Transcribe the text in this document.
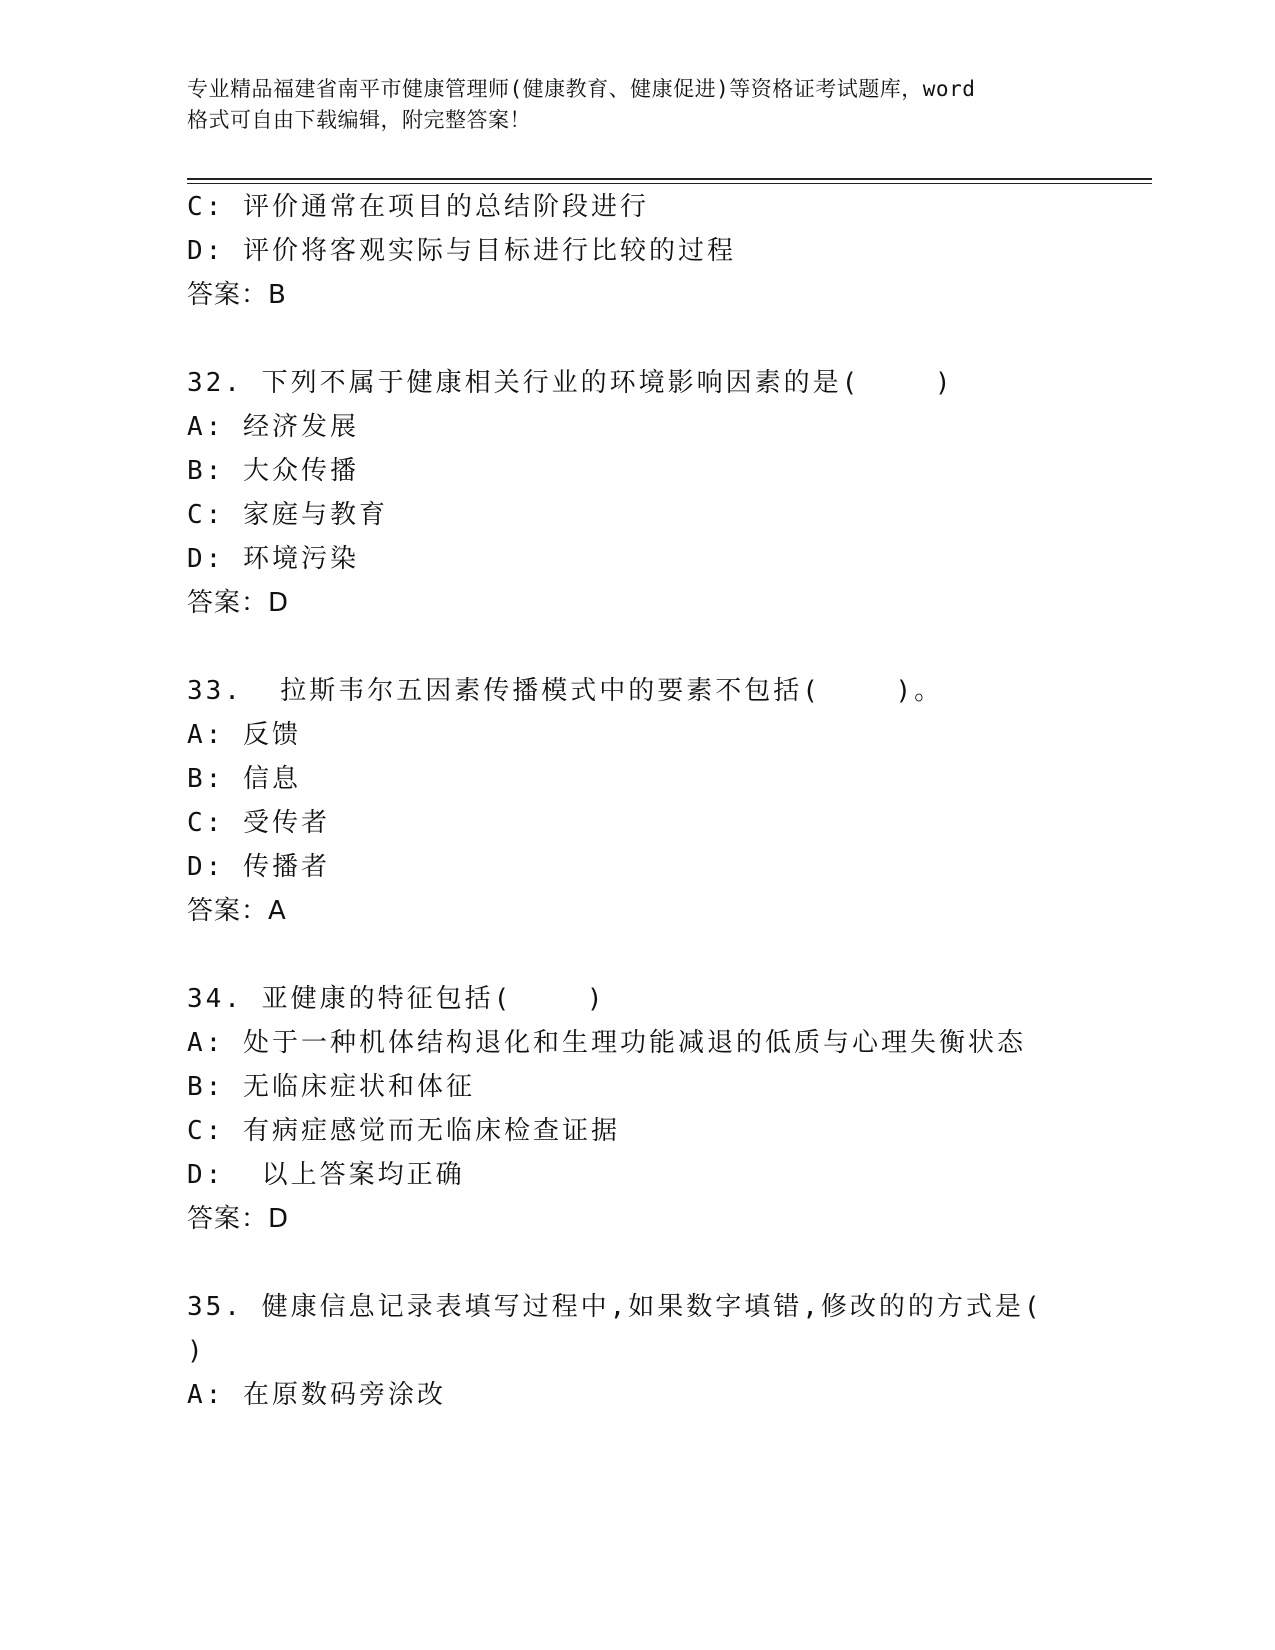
专业精品福建省南平市健康管理师(健康教育、健康促进)等资格证考试题库，word
格式可自由下载编辑，附完整答案！
C: 评价通常在项目的总结阶段进行
D: 评价将客观实际与目标进行比较的过程
答案：B
32. 下列不属于健康相关行业的环境影响因素的是(    )
A: 经济发展
B: 大众传播
C: 家庭与教育
D: 环境污染
答案：D
33.  拉斯韦尔五因素传播模式中的要素不包括(    )。
A: 反馈
B: 信息
C: 受传者
D: 传播者
答案：A
34. 亚健康的特征包括(    )
A: 处于一种机体结构退化和生理功能减退的低质与心理失衡状态
B: 无临床症状和体征
C: 有病症感觉而无临床检查证据
D:  以上答案均正确
答案：D
35. 健康信息记录表填写过程中,如果数字填错,修改的的方式是(
)
A: 在原数码旁涂改
